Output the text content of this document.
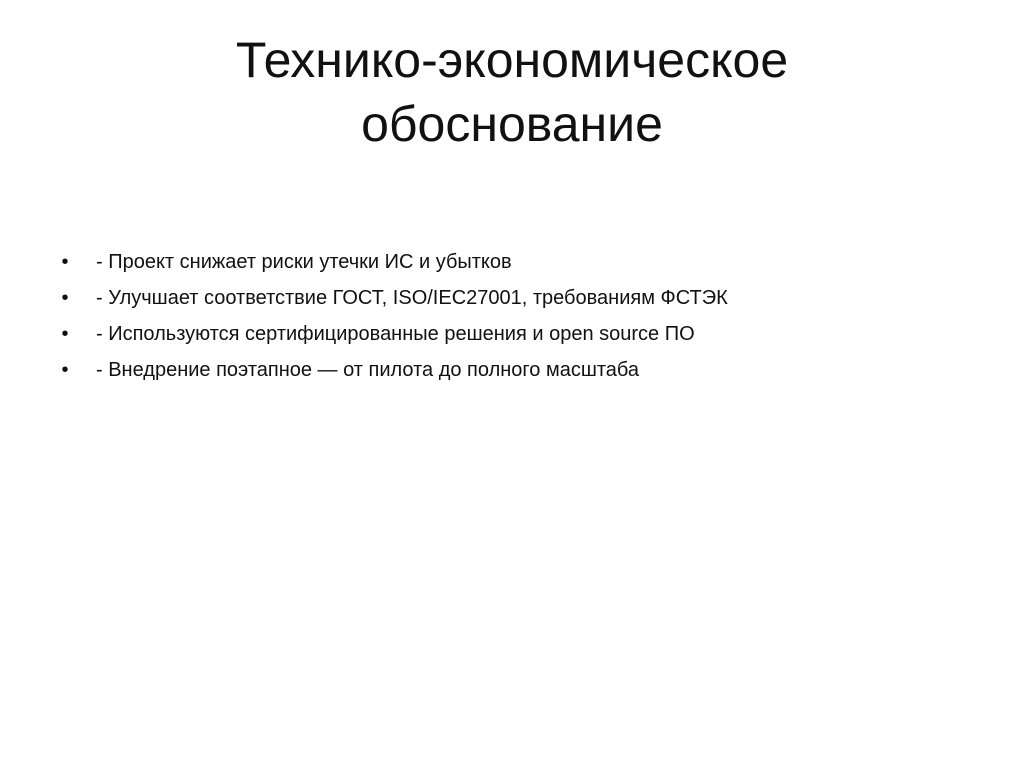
Технико-экономическое
обоснование
• - Проект снижает риски утечки ИС и убытков
• - Улучшает соответствие ГОСТ, ISO/IEC27001, требованиям ФСТЭК
• - Используются сертифицированные решения и open source ПО
• - Внедрение поэтапное — от пилота до полного масштаба
